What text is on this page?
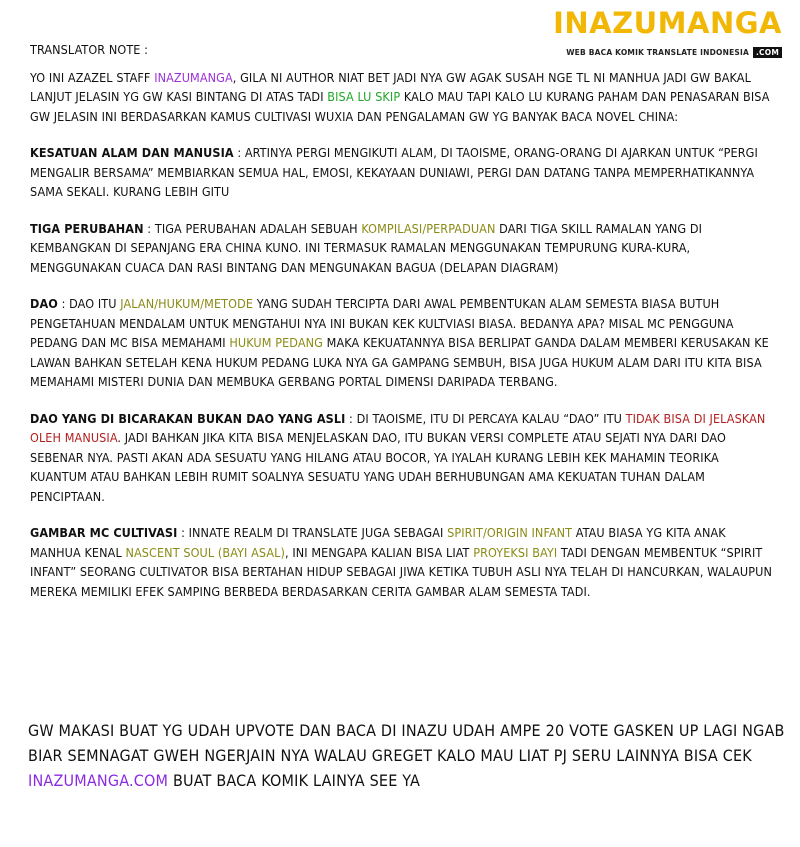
INAZUMANGA
WEB BACA KOMIK TRANSLATE INDONESIA .COM
TRANSLATOR NOTE :

YO INI AZAZEL STAFF INAZUMANGA, GILA NI AUTHOR NIAT BET JADI NYA GW AGAK SUSAH NGE TL NI MANHUA JADI GW BAKAL LANJUT JELASIN YG GW KASI BINTANG DI ATAS TADI BISA LU SKIP KALO MAU TAPI KALO LU KURANG PAHAM DAN PENASARAN BISA GW JELASIN INI BERDASARKAN KAMUS CULTIVASI WUXIA DAN PENGALAMAN GW YG BANYAK BACA NOVEL CHINA:

KESATUAN ALAM DAN MANUSIA : ARTINYA PERGI MENGIKUTI ALAM, DI TAOISME, ORANG-ORANG DI AJARKAN UNTUK “PERGI MENGALIR BERSAMA” MEMBIARKAN SEMUA HAL, EMOSI, KEKAYAAN DUNIAWI, PERGI DAN DATANG TANPA MEMPERHATIKANNYA SAMA SEKALI. KURANG LEBIH GITU

TIGA PERUBAHAN : TIGA PERUBAHAN ADALAH SEBUAH KOMPILASI/PERPADUAN DARI TIGA SKILL RAMALAN YANG DI KEMBANGKAN DI SEPANJANG ERA CHINA KUNO. INI TERMASUK RAMALAN MENGGUNAKAN TEMPURUNG KURA-KURA, MENGGUNAKAN CUACA DAN RASI BINTANG DAN MENGUNAKAN BAGUA (DELAPAN DIAGRAM)

DAO : DAO ITU JALAN/HUKUM/METODE YANG SUDAH TERCIPTA DARI AWAL PEMBENTUKAN ALAM SEMESTA BIASA BUTUH PENGETAHUAN MENDALAM UNTUK MENGTAHUI NYA INI BUKAN KEK KULTVIASI BIASA. BEDANYA APA? MISAL MC PENGGUNA PEDANG DAN MC BISA MEMAHAMI HUKUM PEDANG MAKA KEKUATANNYA BISA BERLIPAT GANDA DALAM MEMBERI KERUSAKAN KE LAWAN BAHKAN SETELAH KENA HUKUM PEDANG LUKA NYA GA GAMPANG SEMBUH, BISA JUGA HUKUM ALAM DARI ITU KITA BISA MEMAHAMI MISTERI DUNIA DAN MEMBUKA GERBANG PORTAL DIMENSI DARIPADA TERBANG.

DAO YANG DI BICARAKAN BUKAN DAO YANG ASLI : DI TAOISME, ITU DI PERCAYA KALAU “DAO” ITU TIDAK BISA DI JELASKAN OLEH MANUSIA. JADI BAHKAN JIKA KITA BISA MENJELASKAN DAO, ITU BUKAN VERSI COMPLETE ATAU SEJATI NYA DARI DAO SEBENAR NYA. PASTI AKAN ADA SESUATU YANG HILANG ATAU BOCOR, YA IYALAH KURANG LEBIH KEK MAHAMIN TEORIKA KUANTUM ATAU BAHKAN LEBIH RUMIT SOALNYA SESUATU YANG UDAH BERHUBUNGAN AMA KEKUATAN TUHAN DALAM PENCIPTAAN.

GAMBAR MC CULTIVASI : INNATE REALM DI TRANSLATE JUGA SEBAGAI SPIRIT/ORIGIN INFANT ATAU BIASA YG KITA ANAK MANHUA KENAL NASCENT SOUL (BAYI ASAL), INI MENGAPA KALIAN BISA LIAT PROYEKSI BAYI TADI DENGAN MEMBENTUK “SPIRIT INFANT” SEORANG CULTIVATOR BISA BERTAHAN HIDUP SEBAGAI JIWA KETIKA TUBUH ASLI NYA TELAH DI HANCURKAN, WALAUPUN MEREKA MEMILIKI EFEK SAMPING BERBEDA BERDASARKAN CERITA GAMBAR ALAM SEMESTA TADI.

GW MAKASI BUAT YG UDAH UPVOTE DAN BACA DI INAZU UDAH AMPE 20 VOTE GASKEN UP LAGI NGAB BIAR SEMNAGAT GWEH NGERJAIN NYA WALAU GREGET KALO MAU LIAT PJ SERU LAINNYA BISA CEK INAZUMANGA.COM BUAT BACA KOMIK LAINYA SEE YA
